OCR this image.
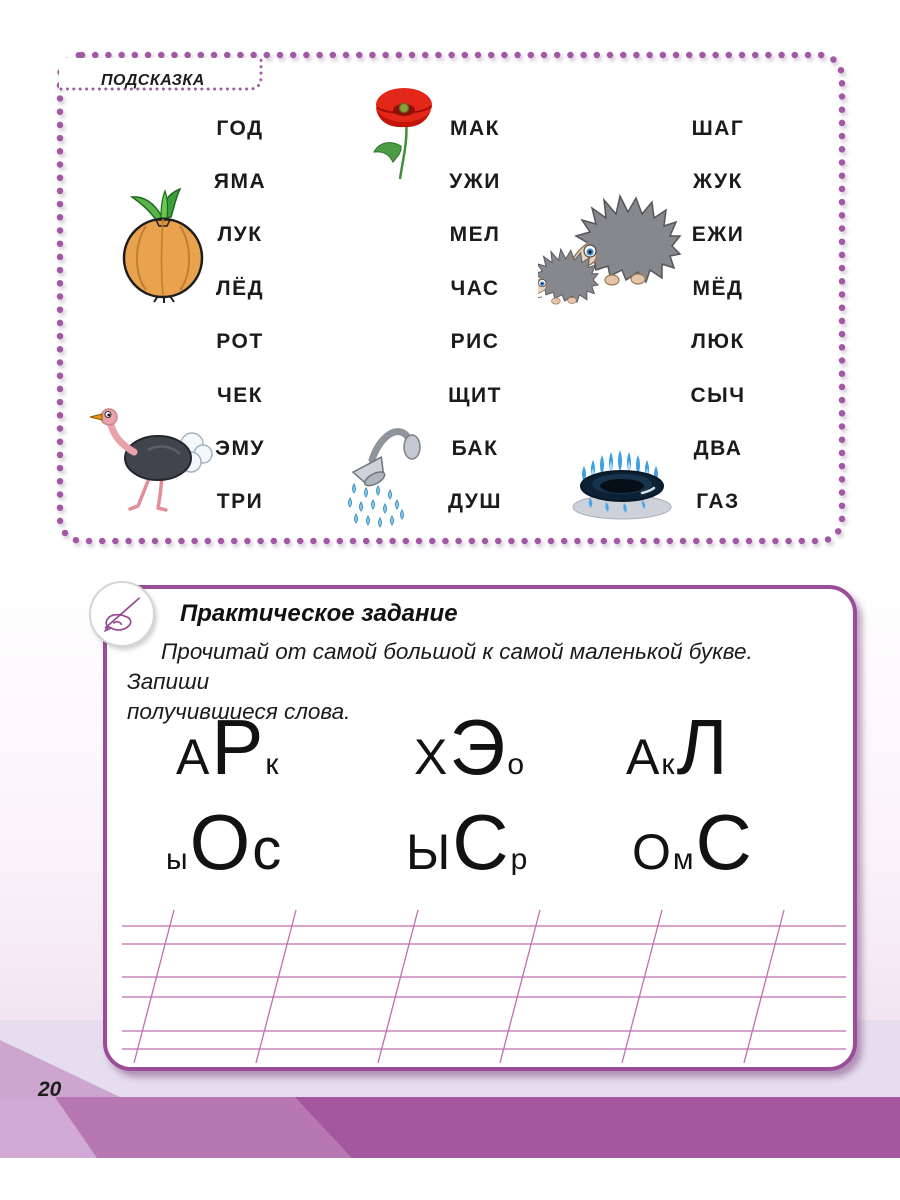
20
ПОДСКАЗКА
ГОД
ЯМА
ЛУК
ЛЁД
РОТ
ЧЕК
ЭМУ
ТРИ
МАК
УЖИ
МЕЛ
ЧАС
РИС
ЩИТ
БАК
ДУШ
ШАГ
ЖУК
ЕЖИ
МЁД
ЛЮК
СЫЧ
ДВА
ГАЗ
Практическое задание
Прочитай от самой большой к самой маленькой букве. Запиши
получившиеся слова.
А Р к	Х Э о А к Л
ы О с Ы С р О м С
